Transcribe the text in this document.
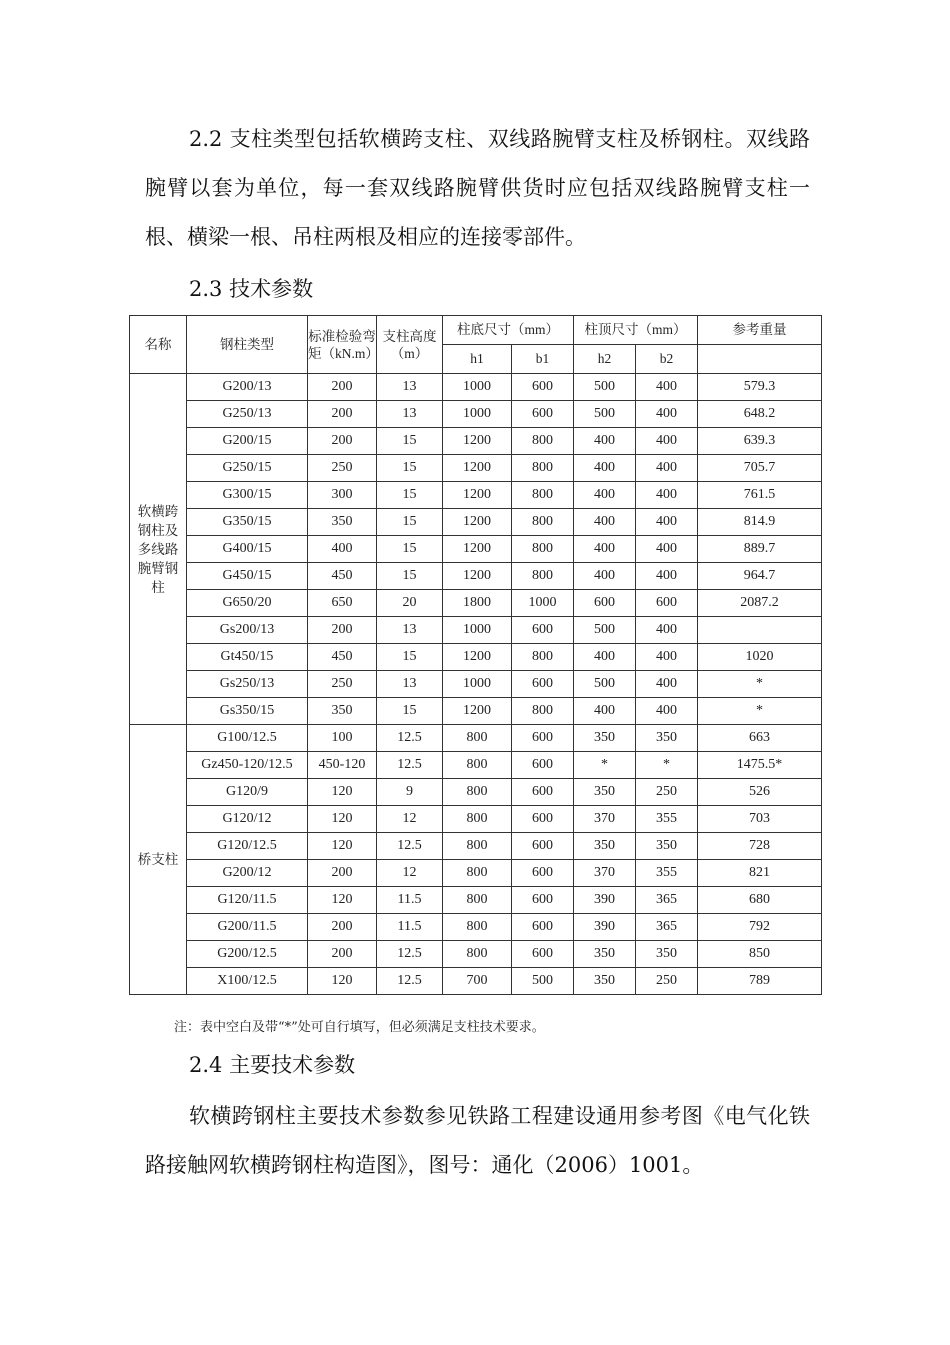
2.2 支柱类型包括软横跨支柱、双线路腕臂支柱及桥钢柱。双线路腕臂以套为单位，每一套双线路腕臂供货时应包括双线路腕臂支柱一根、横梁一根、吊柱两根及相应的连接零部件。

2.3 技术参数

名称	钢柱类型	标准检验弯矩（kN.m）	支柱高度（m）	柱底尺寸（mm）		柱顶尺寸（mm）		参考重量
				h1	b1	h2	b2	
软横跨钢柱及多线路腕臂钢柱	G200/13	200	13	1000	600	500	400	579.3
	G250/13	200	13	1000	600	500	400	648.2
	G200/15	200	15	1200	800	400	400	639.3
	G250/15	250	15	1200	800	400	400	705.7
	G300/15	300	15	1200	800	400	400	761.5
	G350/15	350	15	1200	800	400	400	814.9
	G400/15	400	15	1200	800	400	400	889.7
	G450/15	450	15	1200	800	400	400	964.7
	G650/20	650	20	1800	1000	600	600	2087.2
	Gs200/13	200	13	1000	600	500	400	
	Gt450/15	450	15	1200	800	400	400	1020
	Gs250/13	250	13	1000	600	500	400	*
	Gs350/15	350	15	1200	800	400	400	*
桥支柱	G100/12.5	100	12.5	800	600	350	350	663
	Gz450-120/12.5	450-120	12.5	800	600	*	*	1475.5*
	G120/9	120	9	800	600	350	250	526
	G120/12	120	12	800	600	370	355	703
	G120/12.5	120	12.5	800	600	350	350	728
	G200/12	200	12	800	600	370	355	821
	G120/11.5	120	11.5	800	600	390	365	680
	G200/11.5	200	11.5	800	600	390	365	792
	G200/12.5	200	12.5	800	600	350	350	850
	X100/12.5	120	12.5	700	500	350	250	789

注：表中空白及带“*”处可自行填写，但必须满足支柱技术要求。

2.4 主要技术参数

软横跨钢柱主要技术参数参见铁路工程建设通用参考图《电气化铁路接触网软横跨钢柱构造图》，图号：通化（2006）1001。
